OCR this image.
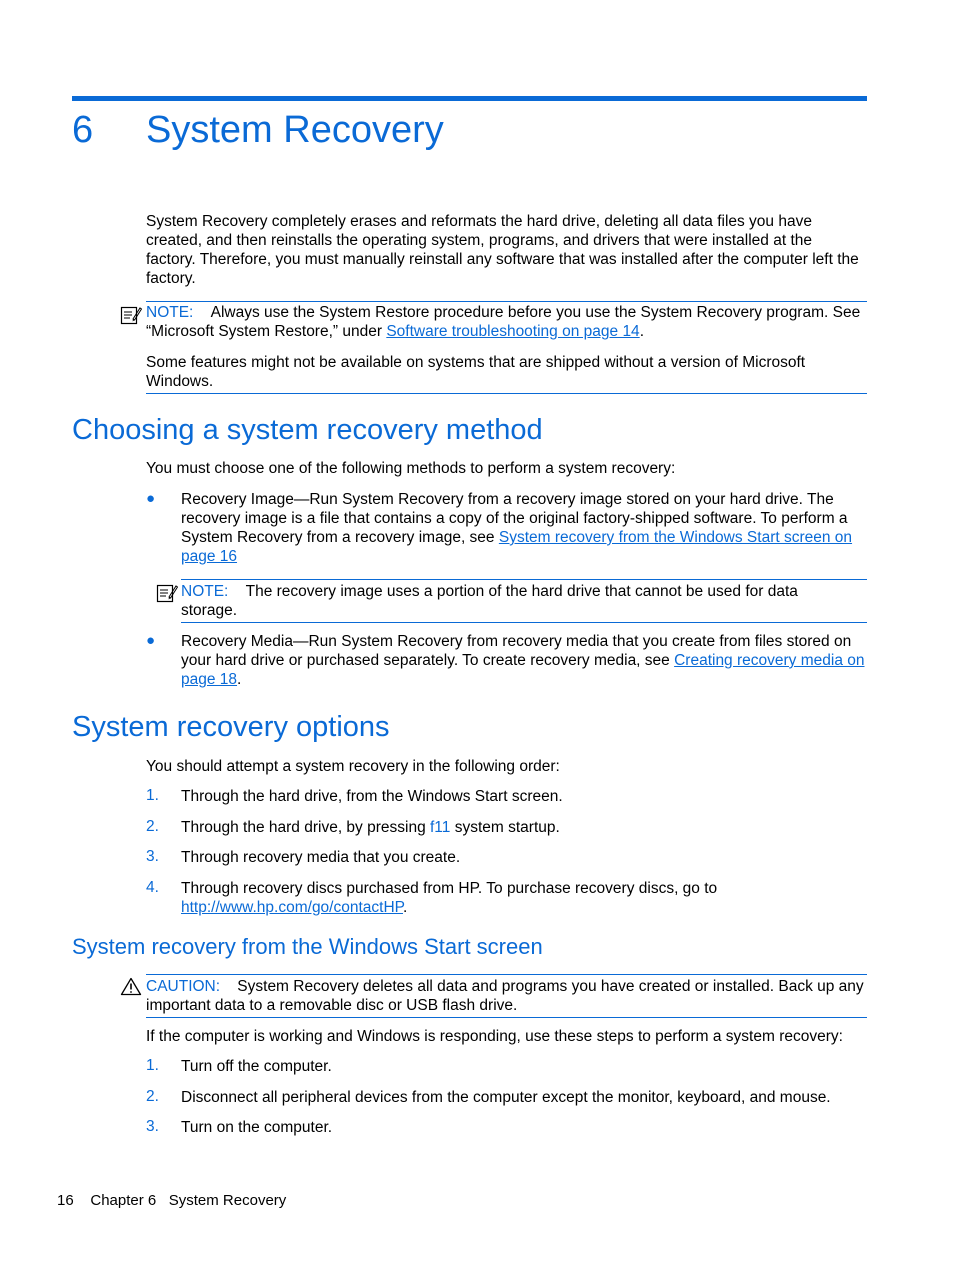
6 System Recovery

System Recovery completely erases and reformats the hard drive, deleting all data files you have created, and then reinstalls the operating system, programs, and drivers that were installed at the factory. Therefore, you must manually reinstall any software that was installed after the computer left the factory.

NOTE: Always use the System Restore procedure before you use the System Recovery program. See “Microsoft System Restore,” under Software troubleshooting on page 14.

Some features might not be available on systems that are shipped without a version of Microsoft Windows.

Choosing a system recovery method

You must choose one of the following methods to perform a system recovery:

● Recovery Image—Run System Recovery from a recovery image stored on your hard drive. The recovery image is a file that contains a copy of the original factory-shipped software. To perform a System Recovery from a recovery image, see System recovery from the Windows Start screen on page 16

NOTE: The recovery image uses a portion of the hard drive that cannot be used for data storage.

● Recovery Media—Run System Recovery from recovery media that you create from files stored on your hard drive or purchased separately. To create recovery media, see Creating recovery media on page 18.

System recovery options

You should attempt a system recovery in the following order:

1. Through the hard drive, from the Windows Start screen.

2. Through the hard drive, by pressing f11 system startup.

3. Through recovery media that you create.

4. Through recovery discs purchased from HP. To purchase recovery discs, go to http://www.hp.com/go/contactHP.

System recovery from the Windows Start screen

CAUTION: System Recovery deletes all data and programs you have created or installed. Back up any important data to a removable disc or USB flash drive.

If the computer is working and Windows is responding, use these steps to perform a system recovery:

1. Turn off the computer.

2. Disconnect all peripheral devices from the computer except the monitor, keyboard, and mouse.

3. Turn on the computer.

16 Chapter 6 System Recovery
